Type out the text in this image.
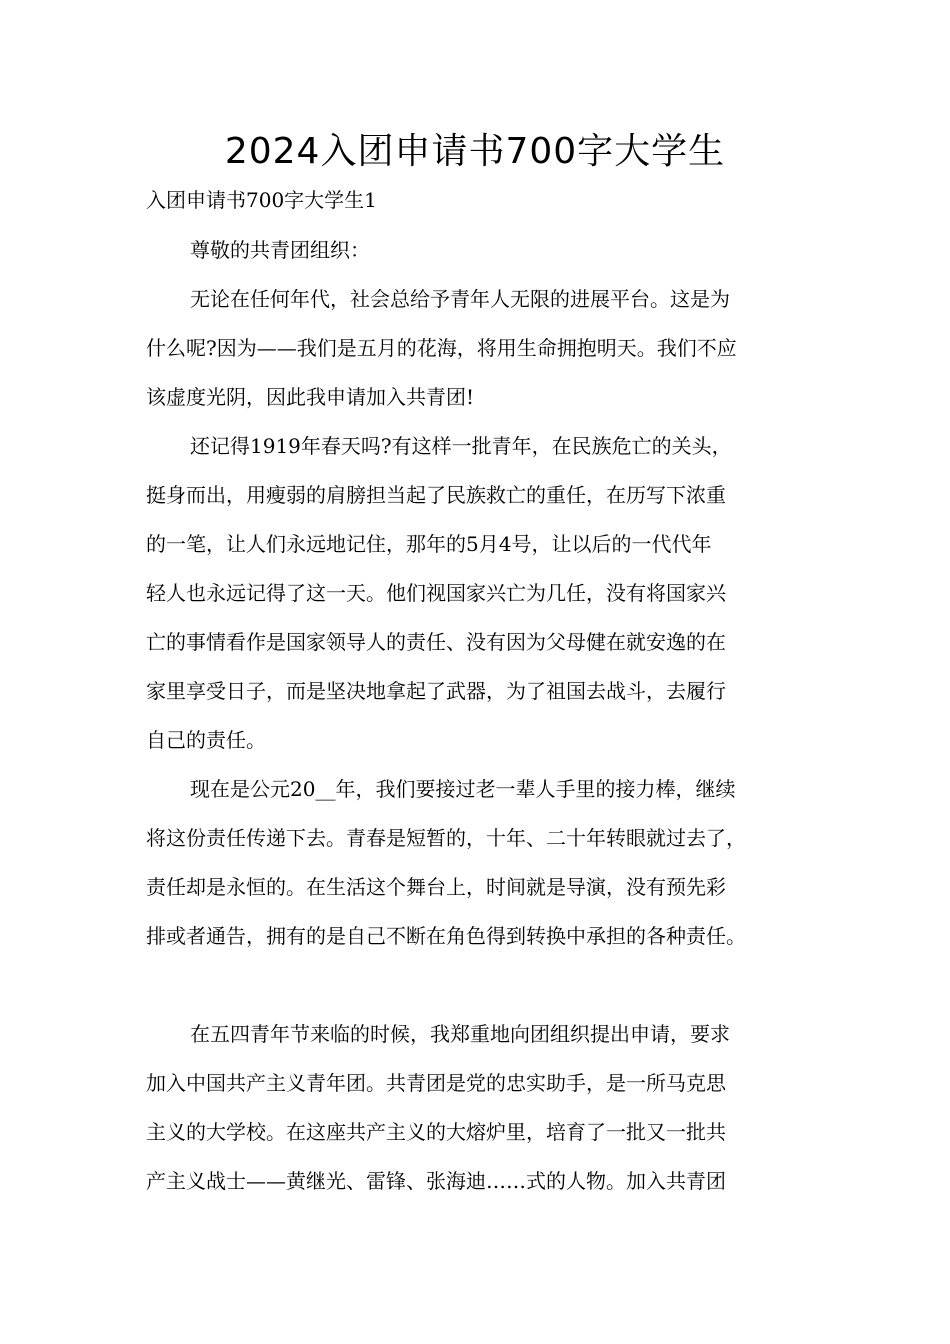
2024入团申请书700字大学生
入团申请书700字大学生1
尊敬的共青团组织：
无论在任何年代，社会总给予青年人无限的进展平台。这是为
什么呢?因为——我们是五月的花海，将用生命拥抱明天。我们不应
该虚度光阴，因此我申请加入共青团!
还记得1919年春天吗?有这样一批青年，在民族危亡的关头，
挺身而出，用瘦弱的肩膀担当起了民族救亡的重任，在历写下浓重
的一笔，让人们永远地记住，那年的5月4号，让以后的一代代年
轻人也永远记得了这一天。他们视国家兴亡为几任，没有将国家兴
亡的事情看作是国家领导人的责任、没有因为父母健在就安逸的在
家里享受日子，而是坚决地拿起了武器，为了祖国去战斗，去履行
自己的责任。
现在是公元20__年，我们要接过老一辈人手里的接力棒，继续
将这份责任传递下去。青春是短暂的，十年、二十年转眼就过去了，
责任却是永恒的。在生活这个舞台上，时间就是导演，没有预先彩
排或者通告，拥有的是自己不断在角色得到转换中承担的各种责任。
在五四青年节来临的时候，我郑重地向团组织提出申请，要求
加入中国共产主义青年团。共青团是党的忠实助手，是一所马克思
主义的大学校。在这座共产主义的大熔炉里，培育了一批又一批共
产主义战士——黄继光、雷锋、张海迪……式的人物。加入共青团
